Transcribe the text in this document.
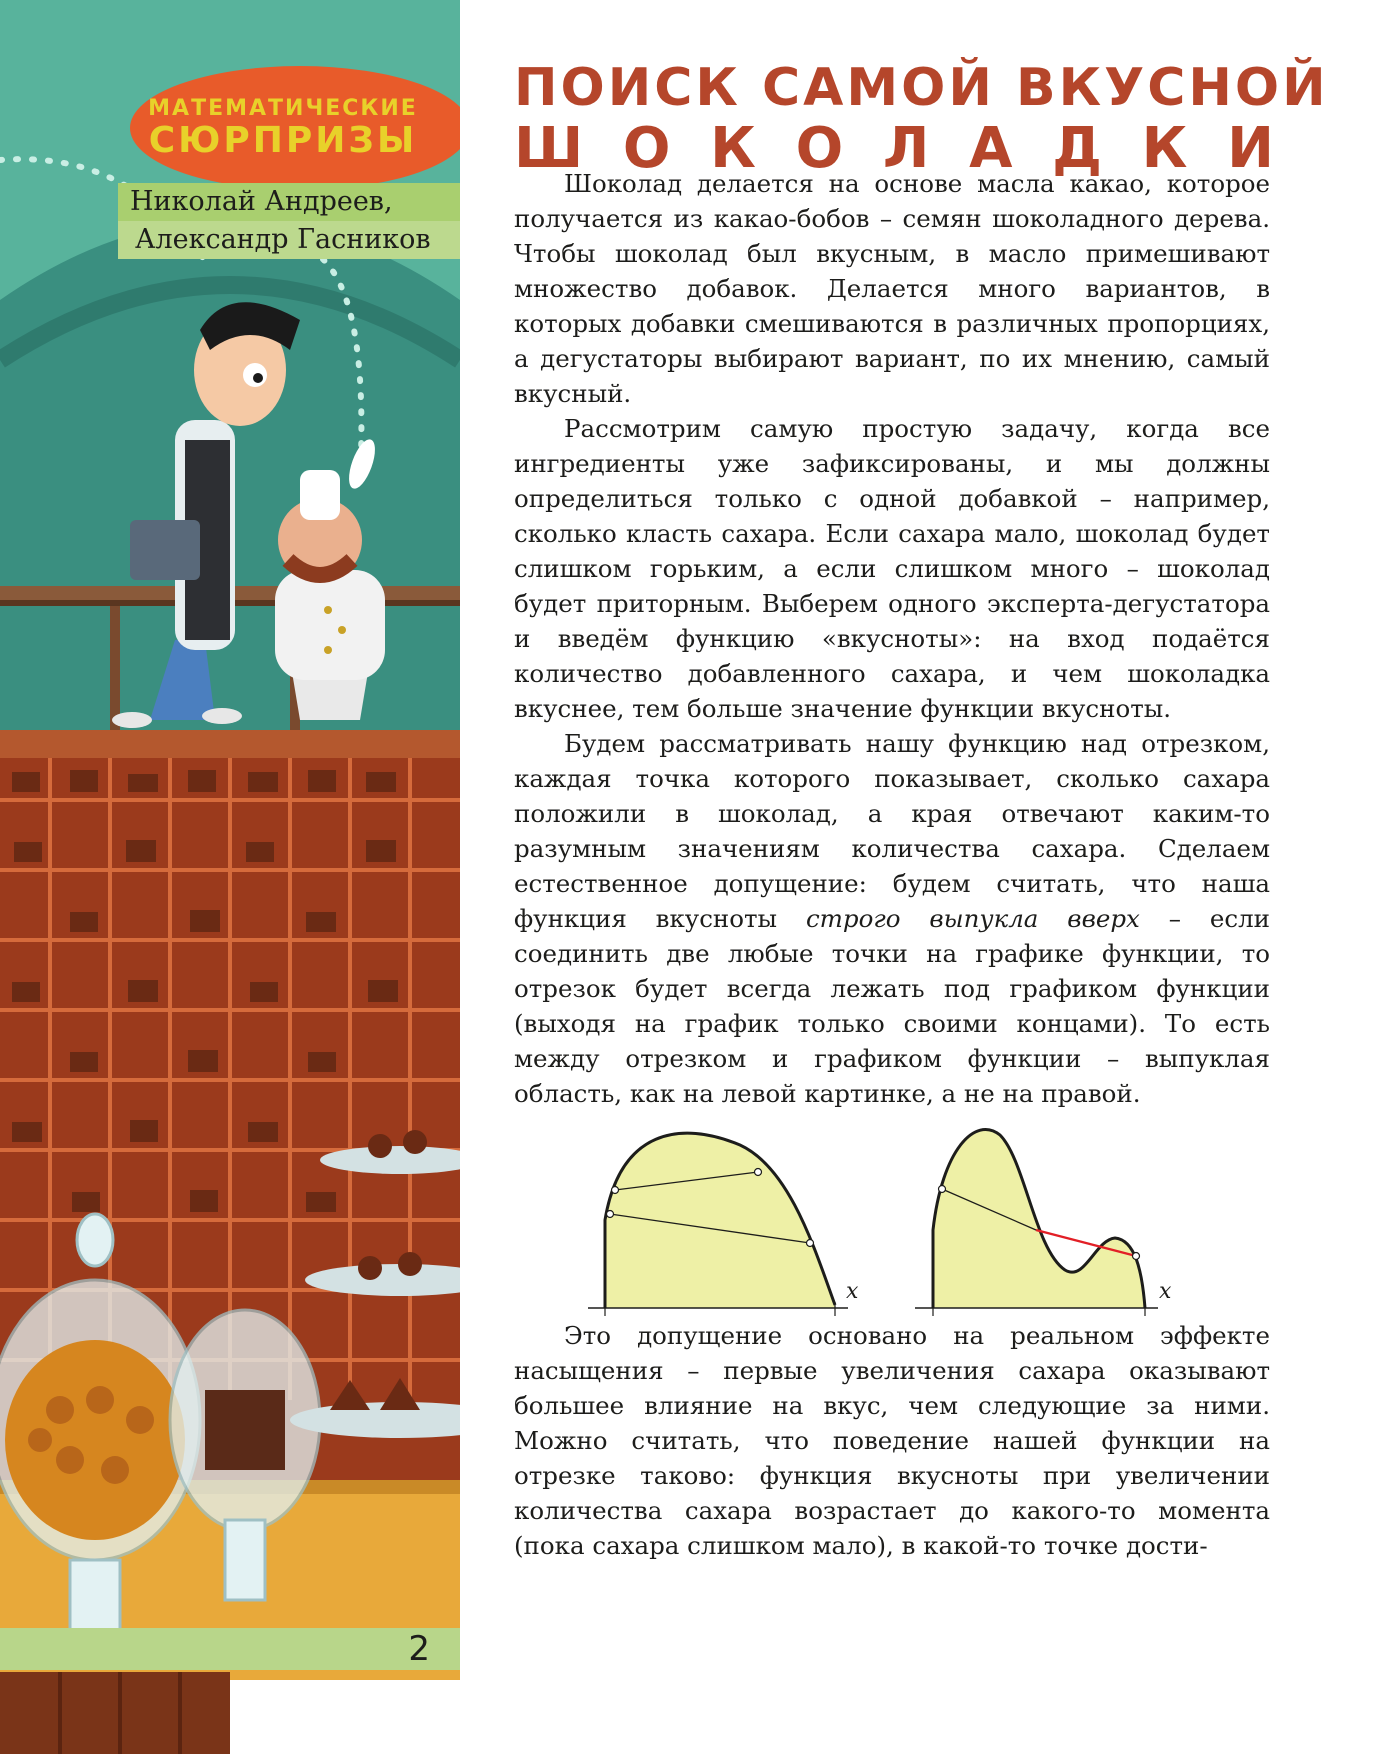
МАТЕМАТИЧЕСКИЕ
СЮРПРИЗЫ
Николай Андреев,
Александр Гасников
2
ПОИСК САМОЙ ВКУСНОЙ
Ш О К О Л А Д К И

Шоколад делается на основе масла какао, которое получается из какао-бобов – семян шоколадного дерева. Чтобы шоколад был вкусным, в масло примешивают множество добавок. Делается много вариантов, в которых добавки смешиваются в различных пропорциях, а дегустаторы выбирают вариант, по их мнению, самый вкусный.

Рассмотрим самую простую задачу, когда все ингредиенты уже зафиксированы, и мы должны определиться только с одной добавкой – например, сколько класть сахара. Если сахара мало, шоколад будет слишком горьким, а если слишком много – шоколад будет приторным. Выберем одного эксперта-дегустатора и введём функцию «вкусноты»: на вход подаётся количество добавленного сахара, и чем шоколадка вкуснее, тем больше значение функции вкусноты.

Будем рассматривать нашу функцию над отрезком, каждая точка которого показывает, сколько сахара положили в шоколад, а края отвечают каким-то разумным значениям количества сахара. Сделаем естественное допущение: будем считать, что наша функция вкусноты строго выпукла вверх – если соединить две любые точки на графике функции, то отрезок будет всегда лежать под графиком функции (выходя на график только своими концами). То есть между отрезком и графиком функции – выпуклая область, как на левой картинке, а не на правой.

x	x

Это допущение основано на реальном эффекте насыщения – первые увеличения сахара оказывают большее влияние на вкус, чем следующие за ними. Можно считать, что поведение нашей функции на отрезке таково: функция вкусноты при увеличении количества сахара возрастает до какого-то момента (пока сахара слишком мало), в какой-то точке дости-
